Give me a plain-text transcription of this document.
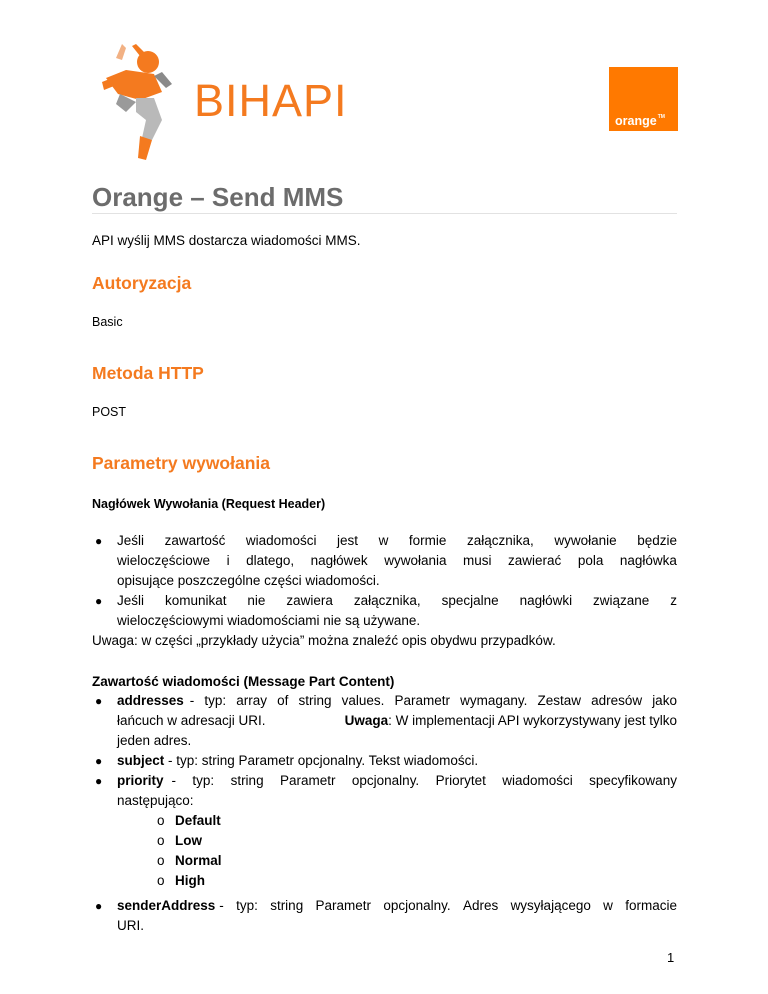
BIHAPI	orange™
Orange – Send MMS
API wyślij MMS dostarcza wiadomości MMS.
Autoryzacja
Basic
Metoda HTTP
POST
Parametry wywołania
Nagłówek Wywołania (Request Header)
● Jeśli zawartość wiadomości jest w formie załącznika, wywołanie będzie
wieloczęściowe i dlatego, nagłówek wywołania musi zawierać pola nagłówka
opisujące poszczególne części wiadomości.
● Jeśli komunikat nie zawiera załącznika, specjalne nagłówki związane z
wieloczęściowymi wiadomościami nie są używane.
Uwaga: w części „przykłady użycia” można znaleźć opis obydwu przypadków.
Zawartość wiadomości (Message Part Content)
● addresses - typ: array of string values. Parametr wymagany. Zestaw adresów jako
łańcuch w adresacji URI.	Uwaga: W implementacji API wykorzystywany jest tylko
jeden adres.
● subject - typ: string Parametr opcjonalny. Tekst wiadomości.
● priority - typ: string Parametr opcjonalny. Priorytet wiadomości specyfikowany
następująco:
o Default
o Low
o Normal
o High
● senderAddress - typ: string Parametr opcjonalny. Adres wysyłającego w formacie
URI.
1
